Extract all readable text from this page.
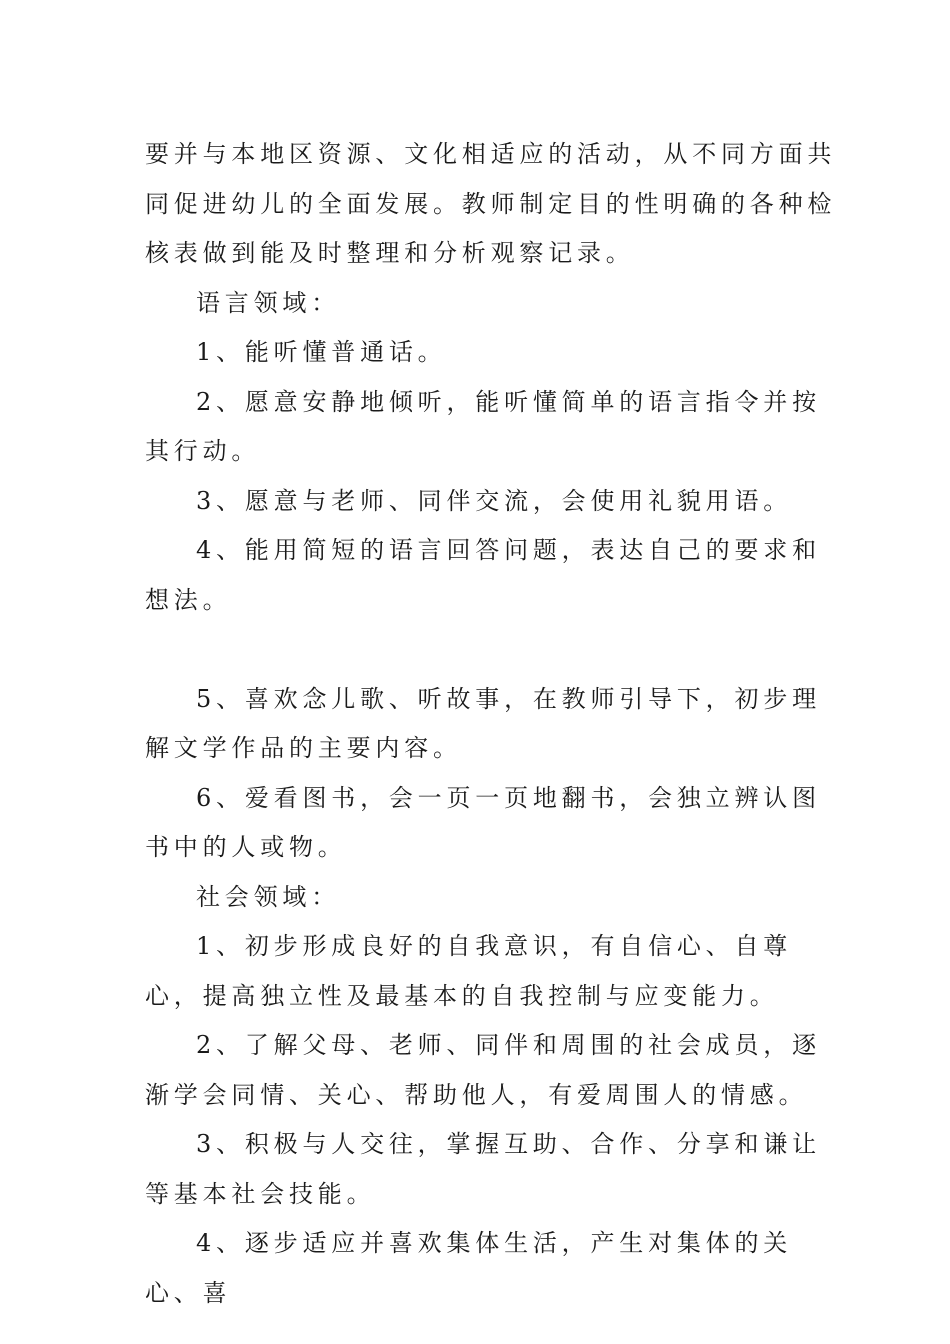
要并与本地区资源、文化相适应的活动，从不同方面共同促进幼儿的全面发展。教师制定目的性明确的各种检核表做到能及时整理和分析观察记录。

语言领域：

1、能听懂普通话。

2、愿意安静地倾听，能听懂简单的语言指令并按其行动。

3、愿意与老师、同伴交流，会使用礼貌用语。

4、能用简短的语言回答问题，表达自己的要求和想法。

5、喜欢念儿歌、听故事，在教师引导下，初步理解文学作品的主要内容。

6、爱看图书，会一页一页地翻书，会独立辨认图书中的人或物。

社会领域：

1、初步形成良好的自我意识，有自信心、自尊心，提高独立性及最基本的自我控制与应变能力。

2、了解父母、老师、同伴和周围的社会成员，逐渐学会同情、关心、帮助他人，有爱周围人的情感。

3、积极与人交往，掌握互助、合作、分享和谦让等基本社会技能。

4、逐步适应并喜欢集体生活，产生对集体的关心、喜
